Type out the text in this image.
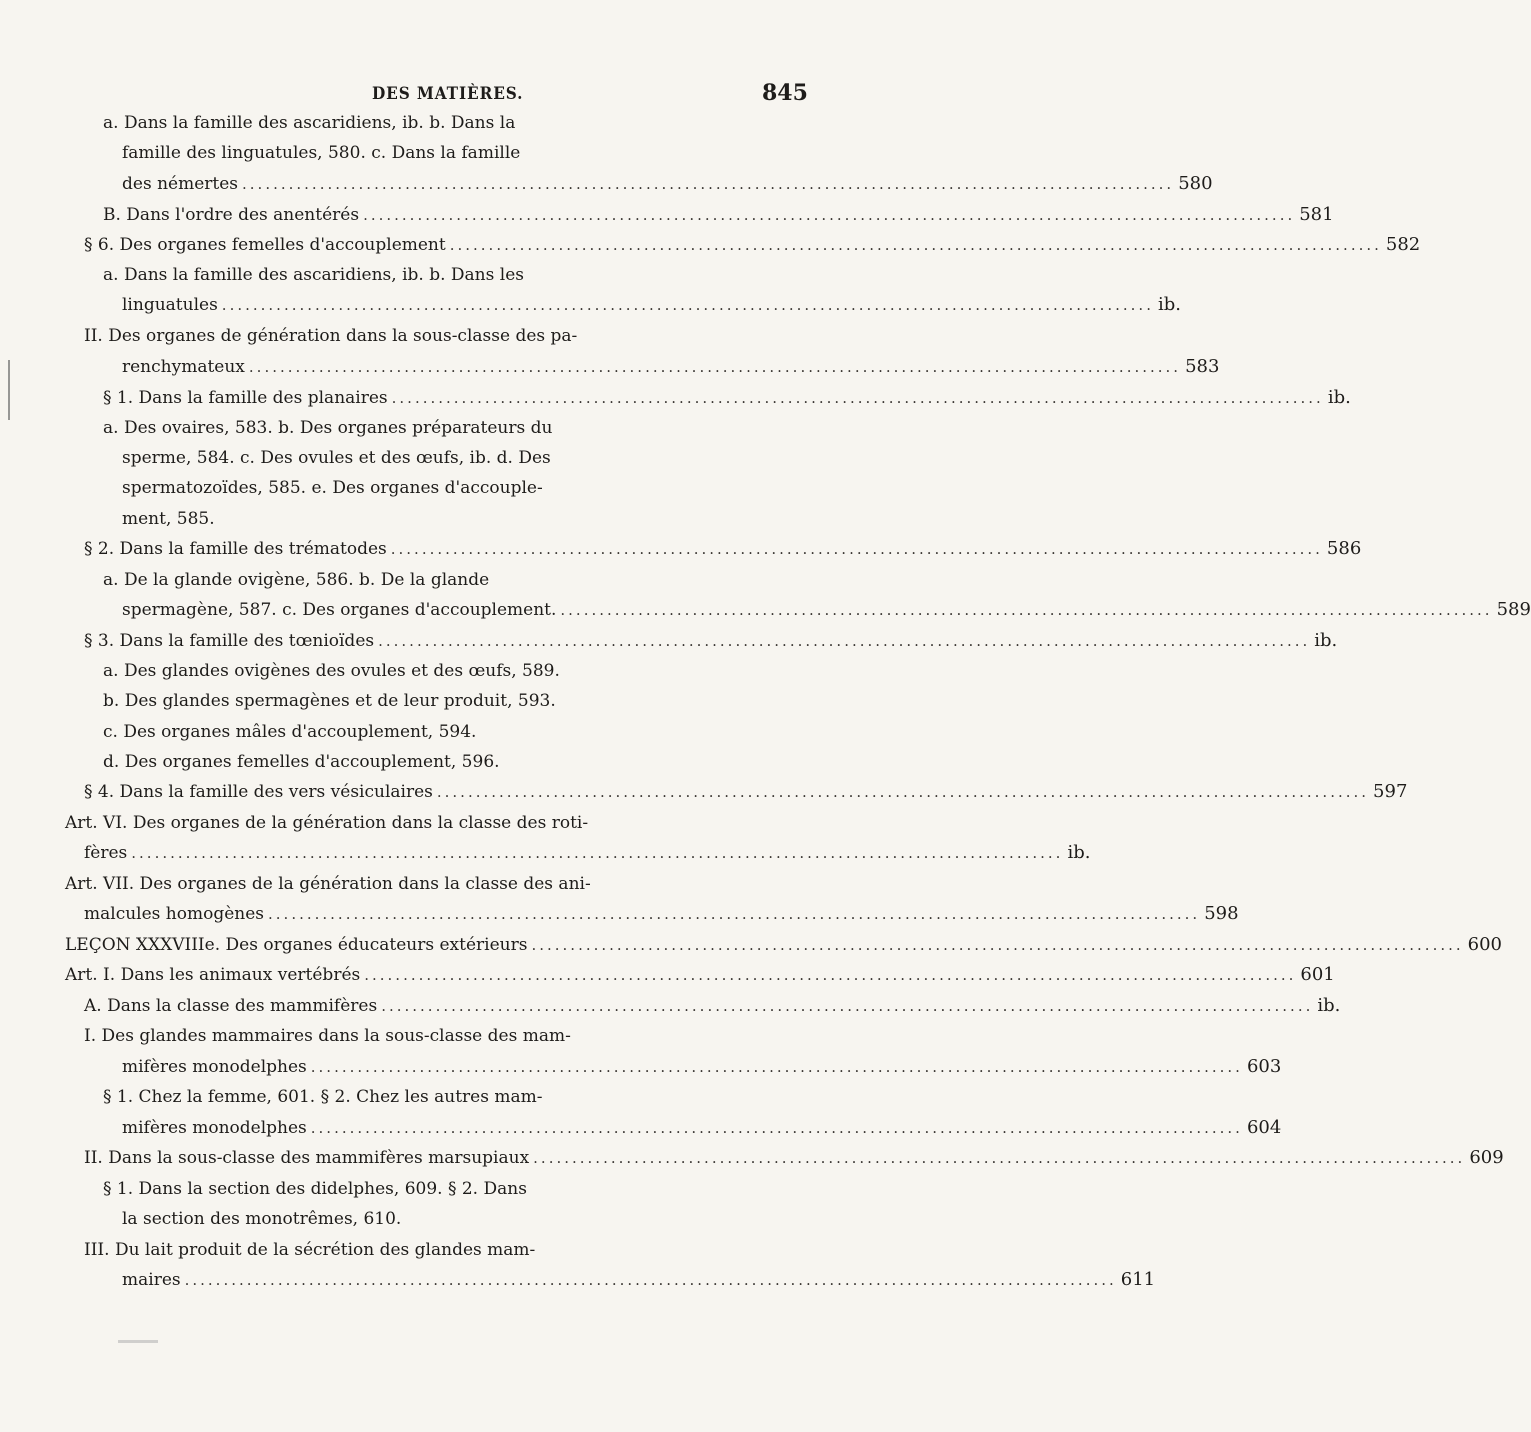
DES MATIÈRES.	845
a. Dans la famille des ascaridiens, ib. b. Dans la
famille des linguatules, 580. c. Dans la famille
des némertes ........................................................................................................................ 580
B. Dans l'ordre des anentérés ........................................................................................................................ 581
§ 6. Des organes femelles d'accouplement ........................................................................................................................ 582
a. Dans la famille des ascaridiens, ib. b. Dans les
linguatules ........................................................................................................................ ib.
II. Des organes de génération dans la sous-classe des pa-
renchymateux ........................................................................................................................ 583
§ 1. Dans la famille des planaires ........................................................................................................................ ib.
a. Des ovaires, 583. b. Des organes préparateurs du
sperme, 584. c. Des ovules et des œufs, ib. d. Des
spermatozoïdes, 585. e. Des organes d'accouple-
ment, 585.
§ 2. Dans la famille des trématodes ........................................................................................................................ 586
a. De la glande ovigène, 586. b. De la glande
spermagène, 587. c. Des organes d'accouplement. ........................................................................................................................ 589
§ 3. Dans la famille des tœnioïdes ........................................................................................................................ ib.
a. Des glandes ovigènes des ovules et des œufs, 589.
b. Des glandes spermagènes et de leur produit, 593.
c. Des organes mâles d'accouplement, 594.
d. Des organes femelles d'accouplement, 596.
§ 4. Dans la famille des vers vésiculaires ........................................................................................................................ 597
Art. VI. Des organes de la génération dans la classe des roti-
fères ........................................................................................................................ ib.
Art. VII. Des organes de la génération dans la classe des ani-
malcules homogènes ........................................................................................................................ 598
LEÇON XXXVIIIe. Des organes éducateurs extérieurs ........................................................................................................................ 600
Art. I. Dans les animaux vertébrés ........................................................................................................................ 601
A. Dans la classe des mammifères ........................................................................................................................ ib.
I. Des glandes mammaires dans la sous-classe des mam-
mifères monodelphes ........................................................................................................................ 603
§ 1. Chez la femme, 601. § 2. Chez les autres mam-
mifères monodelphes ........................................................................................................................ 604
II. Dans la sous-classe des mammifères marsupiaux ........................................................................................................................ 609
§ 1. Dans la section des didelphes, 609. § 2. Dans
la section des monotrêmes, 610.
III. Du lait produit de la sécrétion des glandes mam-
maires ........................................................................................................................ 611
